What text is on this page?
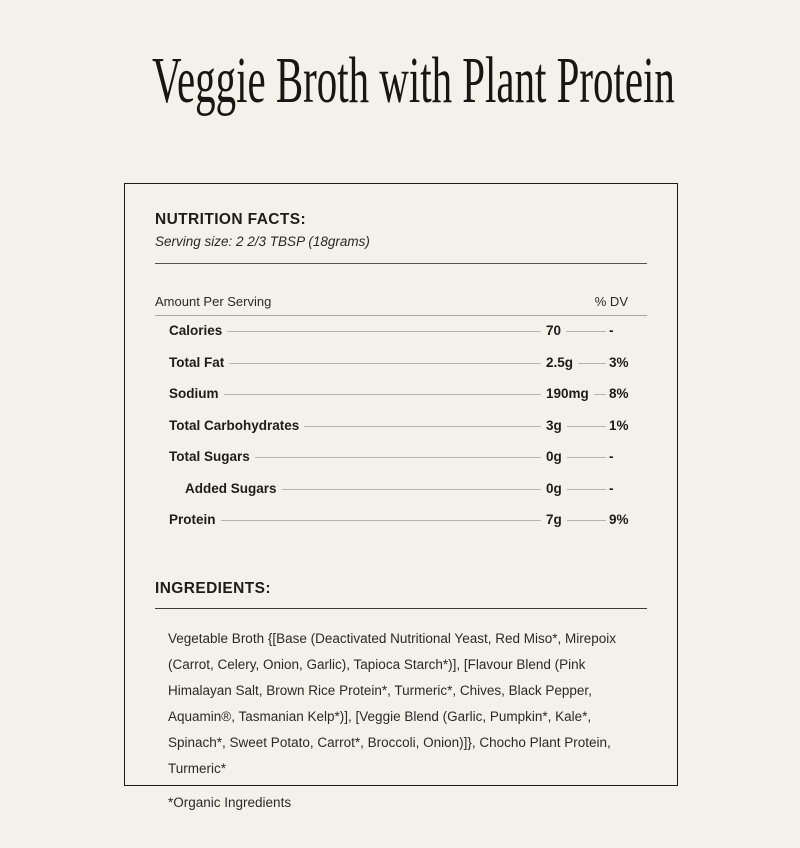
Veggie Broth with Plant Protein
NUTRITION FACTS:
Serving size: 2 2/3 TBSP (18grams)
Amount Per Serving	% DV
Calories	70	-
Total Fat	2.5g	3%
Sodium	190mg 8%
Total Carbohydrates	3g	1%
Total Sugars	0g	-
Added Sugars	0g	-
Protein	7g	9%
INGREDIENTS:

Vegetable Broth {[Base (Deactivated Nutritional Yeast, Red Miso*, Mirepoix (Carrot, Celery, Onion, Garlic), Tapioca Starch*)], [Flavour Blend (Pink Himalayan Salt, Brown Rice Protein*, Turmeric*, Chives, Black Pepper, Aquamin®, Tasmanian Kelp*)], [Veggie Blend (Garlic, Pumpkin*, Kale*, Spinach*, Sweet Potato, Carrot*, Broccoli, Onion)]}, Chocho Plant Protein, Turmeric*

*Organic Ingredients
